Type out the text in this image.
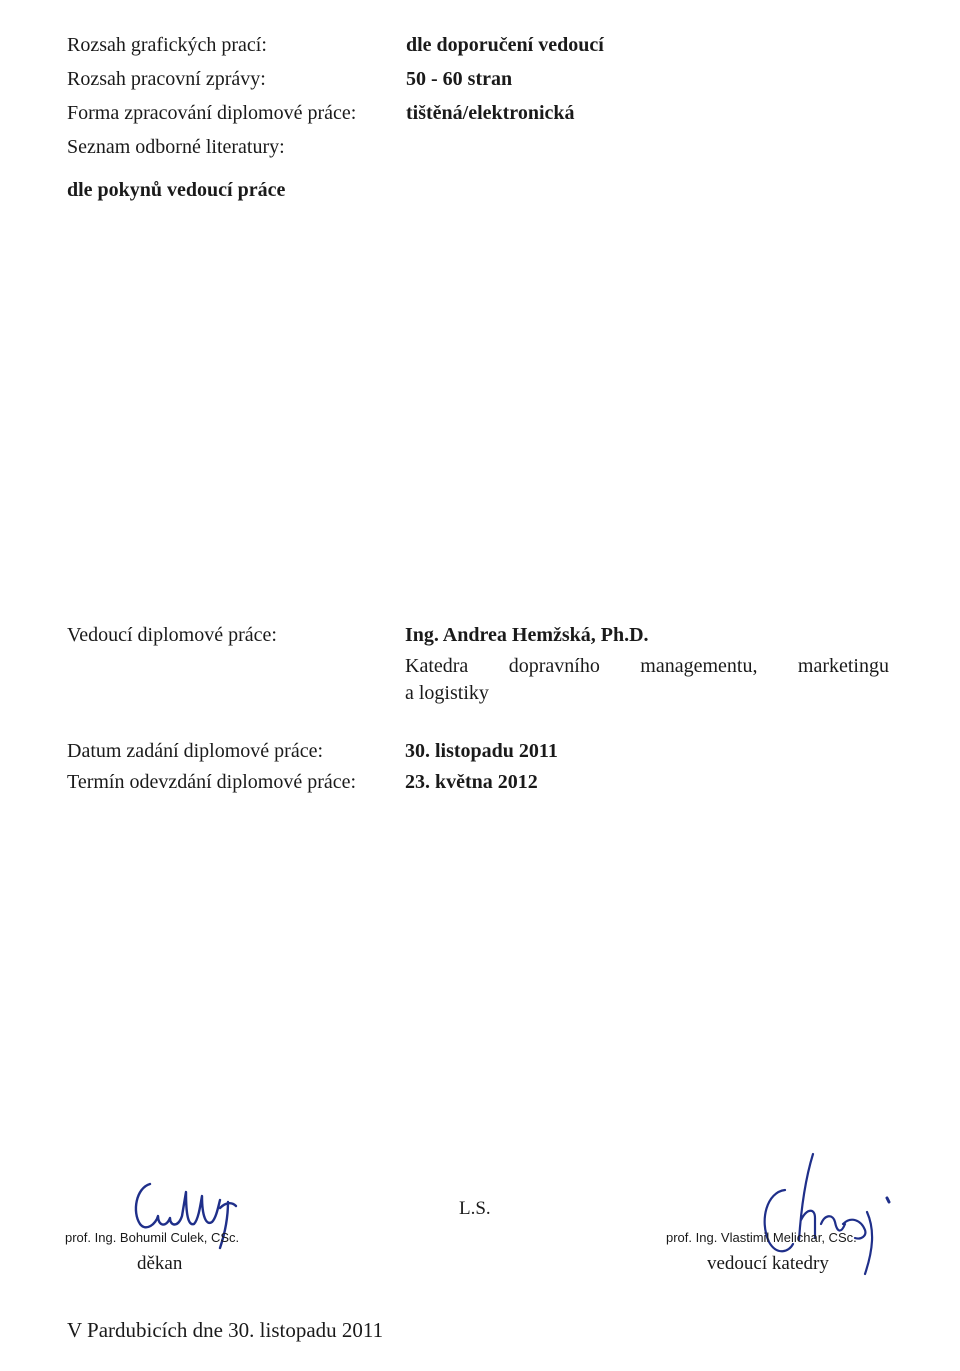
Rozsah grafických prací:	dle doporučení vedoucí
Rozsah pracovní zprávy:	50 - 60 stran
Forma zpracování diplomové práce: tištěná/elektronická
Seznam odborné literatury:
dle pokynů vedoucí práce
Vedoucí diplomové práce:	Ing. Andrea Hemžská, Ph.D.
Katedra dopravního managementu, marketingu
a logistiky
Datum zadání diplomové práce:	30. listopadu 2011
Termín odevzdání diplomové práce: 23. května 2012
prof. Ing. Bohumil Culek, CSc.
děkan
L.S.
prof. Ing. Vlastimil Melichar, CSc.
vedoucí katedry
V Pardubicích dne 30. listopadu 2011
